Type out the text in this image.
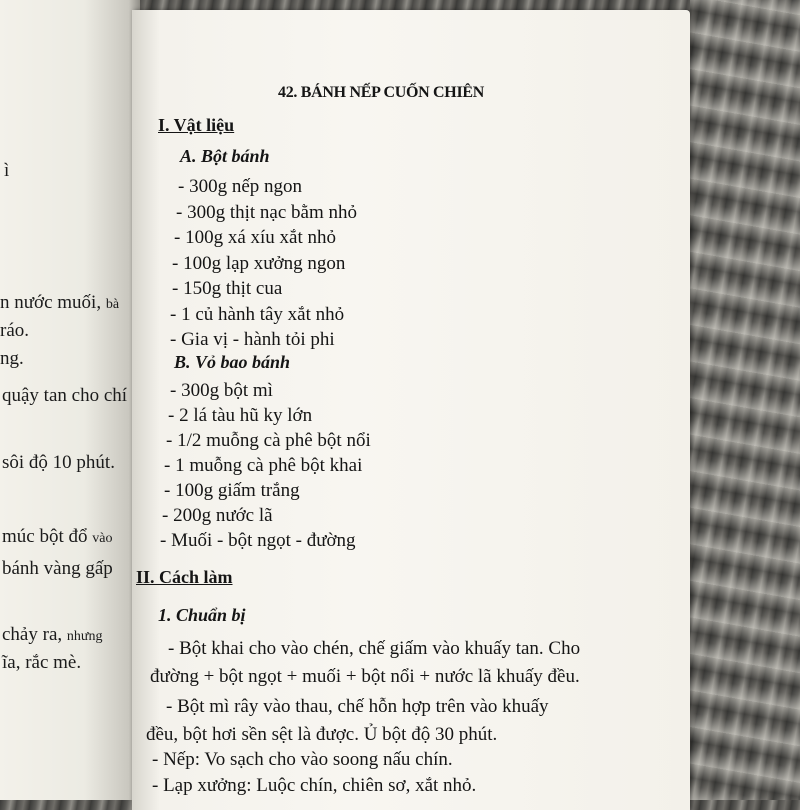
ì
n nước muối, bà
ráo.
ng.
quậy tan cho chí
sôi độ 10 phút.
múc bột đổ vào
bánh vàng gấp
chảy ra, nhưng
ĩa, rắc mè.
42. BÁNH NẾP CUỐN CHIÊN
I. Vật liệu
A. Bột bánh
- 300g nếp ngon
- 300g thịt nạc bằm nhỏ
- 100g xá xíu xắt nhỏ
- 100g lạp xưởng ngon
- 150g thịt cua
- 1 củ hành tây xắt nhỏ
- Gia vị - hành tỏi phi
B. Vỏ bao bánh
- 300g bột mì
- 2 lá tàu hũ ky lớn
- 1/2 muỗng cà phê bột nổi
- 1 muỗng cà phê bột khai
- 100g giấm trắng
- 200g nước lã
- Muối - bột ngọt - đường
II. Cách làm
1. Chuẩn bị
- Bột khai cho vào chén, chế giấm vào khuấy tan. Cho
đường + bột ngọt + muối + bột nổi + nước lã khuấy đều.
- Bột mì rây vào thau, chế hỗn hợp trên vào khuấy
đều, bột hơi sền sệt là được. Ủ bột độ 30 phút.
- Nếp: Vo sạch cho vào soong nấu chín.
- Lạp xưởng: Luộc chín, chiên sơ, xắt nhỏ.
